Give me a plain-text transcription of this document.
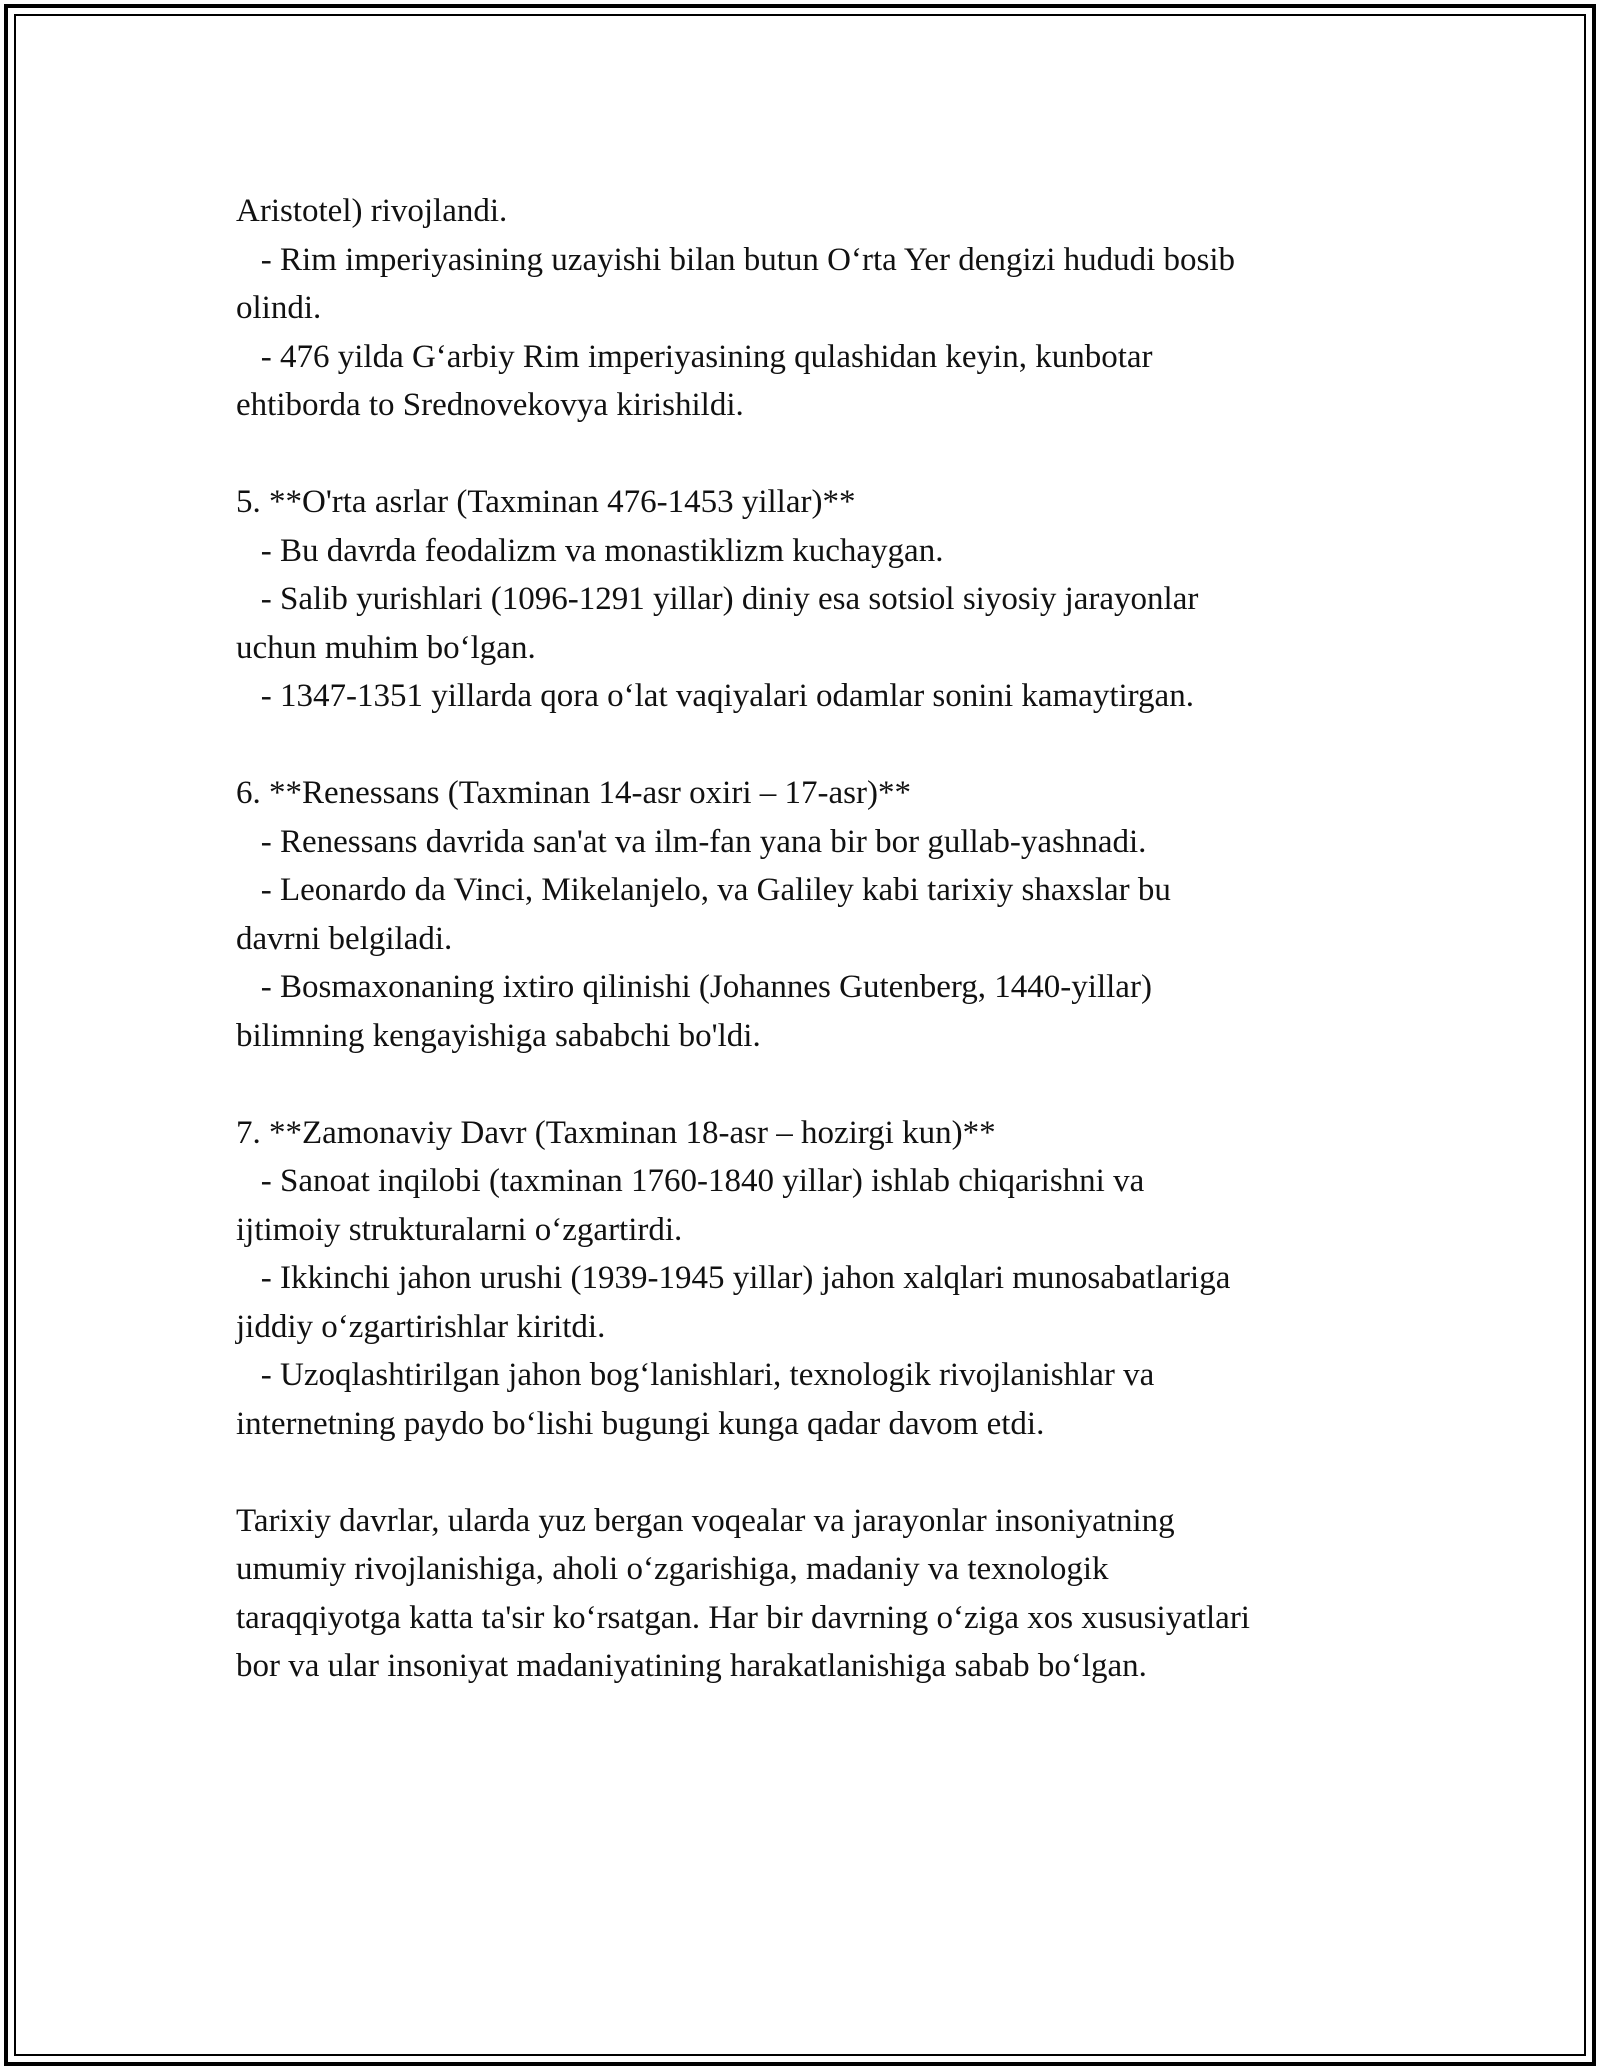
Aristotel) rivojlandi.
- Rim imperiyasining uzayishi bilan butun O‘rta Yer dengizi hududi bosib
olindi.
- 476 yilda G‘arbiy Rim imperiyasining qulashidan keyin, kunbotar
ehtiborda to Srednovekovya kirishildi.
5. **O'rta asrlar (Taxminan 476-1453 yillar)**
- Bu davrda feodalizm va monastiklizm kuchaygan.
- Salib yurishlari (1096-1291 yillar) diniy esa sotsiol siyosiy jarayonlar
uchun muhim bo‘lgan.
- 1347-1351 yillarda qora o‘lat vaqiyalari odamlar sonini kamaytirgan.
6. **Renessans (Taxminan 14-asr oxiri – 17-asr)**
- Renessans davrida san'at va ilm-fan yana bir bor gullab-yashnadi.
- Leonardo da Vinci, Mikelanjelo, va Galiley kabi tarixiy shaxslar bu
davrni belgiladi.
- Bosmaxonaning ixtiro qilinishi (Johannes Gutenberg, 1440-yillar)
bilimning kengayishiga sababchi bo'ldi.
7. **Zamonaviy Davr (Taxminan 18-asr – hozirgi kun)**
- Sanoat inqilobi (taxminan 1760-1840 yillar) ishlab chiqarishni va
ijtimoiy strukturalarni o‘zgartirdi.
- Ikkinchi jahon urushi (1939-1945 yillar) jahon xalqlari munosabatlariga
jiddiy o‘zgartirishlar kiritdi.
- Uzoqlashtirilgan jahon bog‘lanishlari, texnologik rivojlanishlar va
internetning paydo bo‘lishi bugungi kunga qadar davom etdi.
Tarixiy davrlar, ularda yuz bergan voqealar va jarayonlar insoniyatning
umumiy rivojlanishiga, aholi o‘zgarishiga, madaniy va texnologik
taraqqiyotga katta ta'sir ko‘rsatgan. Har bir davrning o‘ziga xos xususiyatlari
bor va ular insoniyat madaniyatining harakatlanishiga sabab bo‘lgan.
